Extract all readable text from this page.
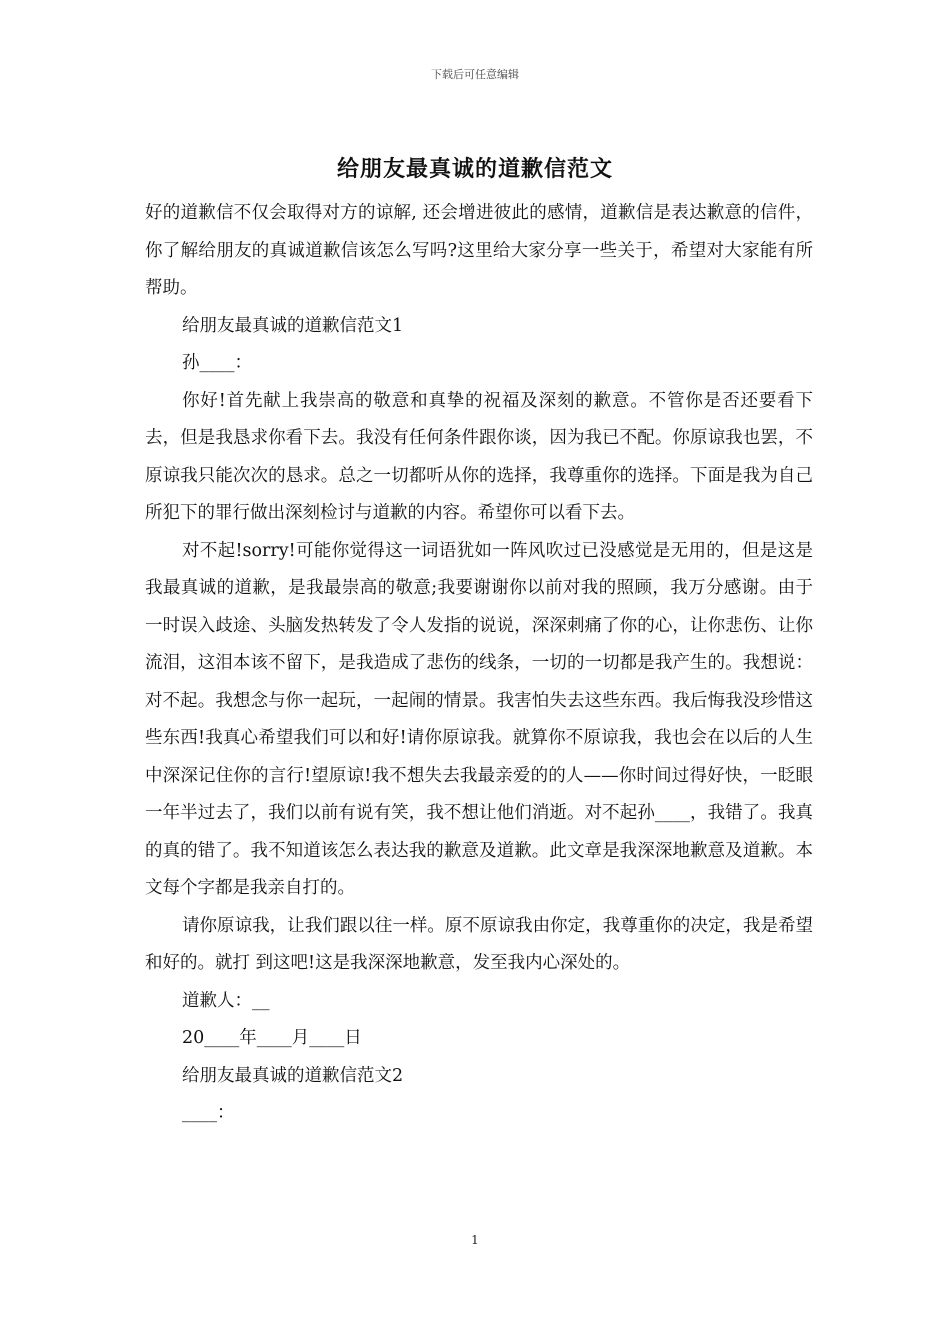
下载后可任意编辑
给朋友最真诚的道歉信范文

好的道歉信不仅会取得对方的谅解, 还会增进彼此的感情，道歉信是表达歉意的信件，你了解给朋友的真诚道歉信该怎么写吗?这里给大家分享一些关于，希望对大家能有所帮助。

给朋友最真诚的道歉信范文1

孙____：

你好!首先献上我崇高的敬意和真挚的祝福及深刻的歉意。不管你是否还要看下去，但是我恳求你看下去。我没有任何条件跟你谈，因为我已不配。你原谅我也罢，不原谅我只能次次的恳求。总之一切都听从你的选择，我尊重你的选择。下面是我为自己所犯下的罪行做出深刻检讨与道歉的内容。希望你可以看下去。

对不起!sorry!可能你觉得这一词语犹如一阵风吹过已没感觉是无用的，但是这是我最真诚的道歉，是我最崇高的敬意;我要谢谢你以前对我的照顾，我万分感谢。由于一时误入歧途、头脑发热转发了令人发指的说说，深深刺痛了你的心，让你悲伤、让你流泪，这泪本该不留下，是我造成了悲伤的线条，一切的一切都是我产生的。我想说：对不起。我想念与你一起玩，一起闹的情景。我害怕失去这些东西。我后悔我没珍惜这些东西!我真心希望我们可以和好!请你原谅我。就算你不原谅我，我也会在以后的人生中深深记住你的言行!望原谅!我不想失去我最亲爱的的人——你时间过得好快，一眨眼一年半过去了，我们以前有说有笑，我不想让他们消逝。对不起孙____，我错了。我真的真的错了。我不知道该怎么表达我的歉意及道歉。此文章是我深深地歉意及道歉。本文每个字都是我亲自打的。

请你原谅我，让我们跟以往一样。原不原谅我由你定，我尊重你的决定，我是希望和好的。就打 到这吧!这是我深深地歉意，发至我内心深处的。

道歉人：__

20____年____月____日

给朋友最真诚的道歉信范文2

____：

1
